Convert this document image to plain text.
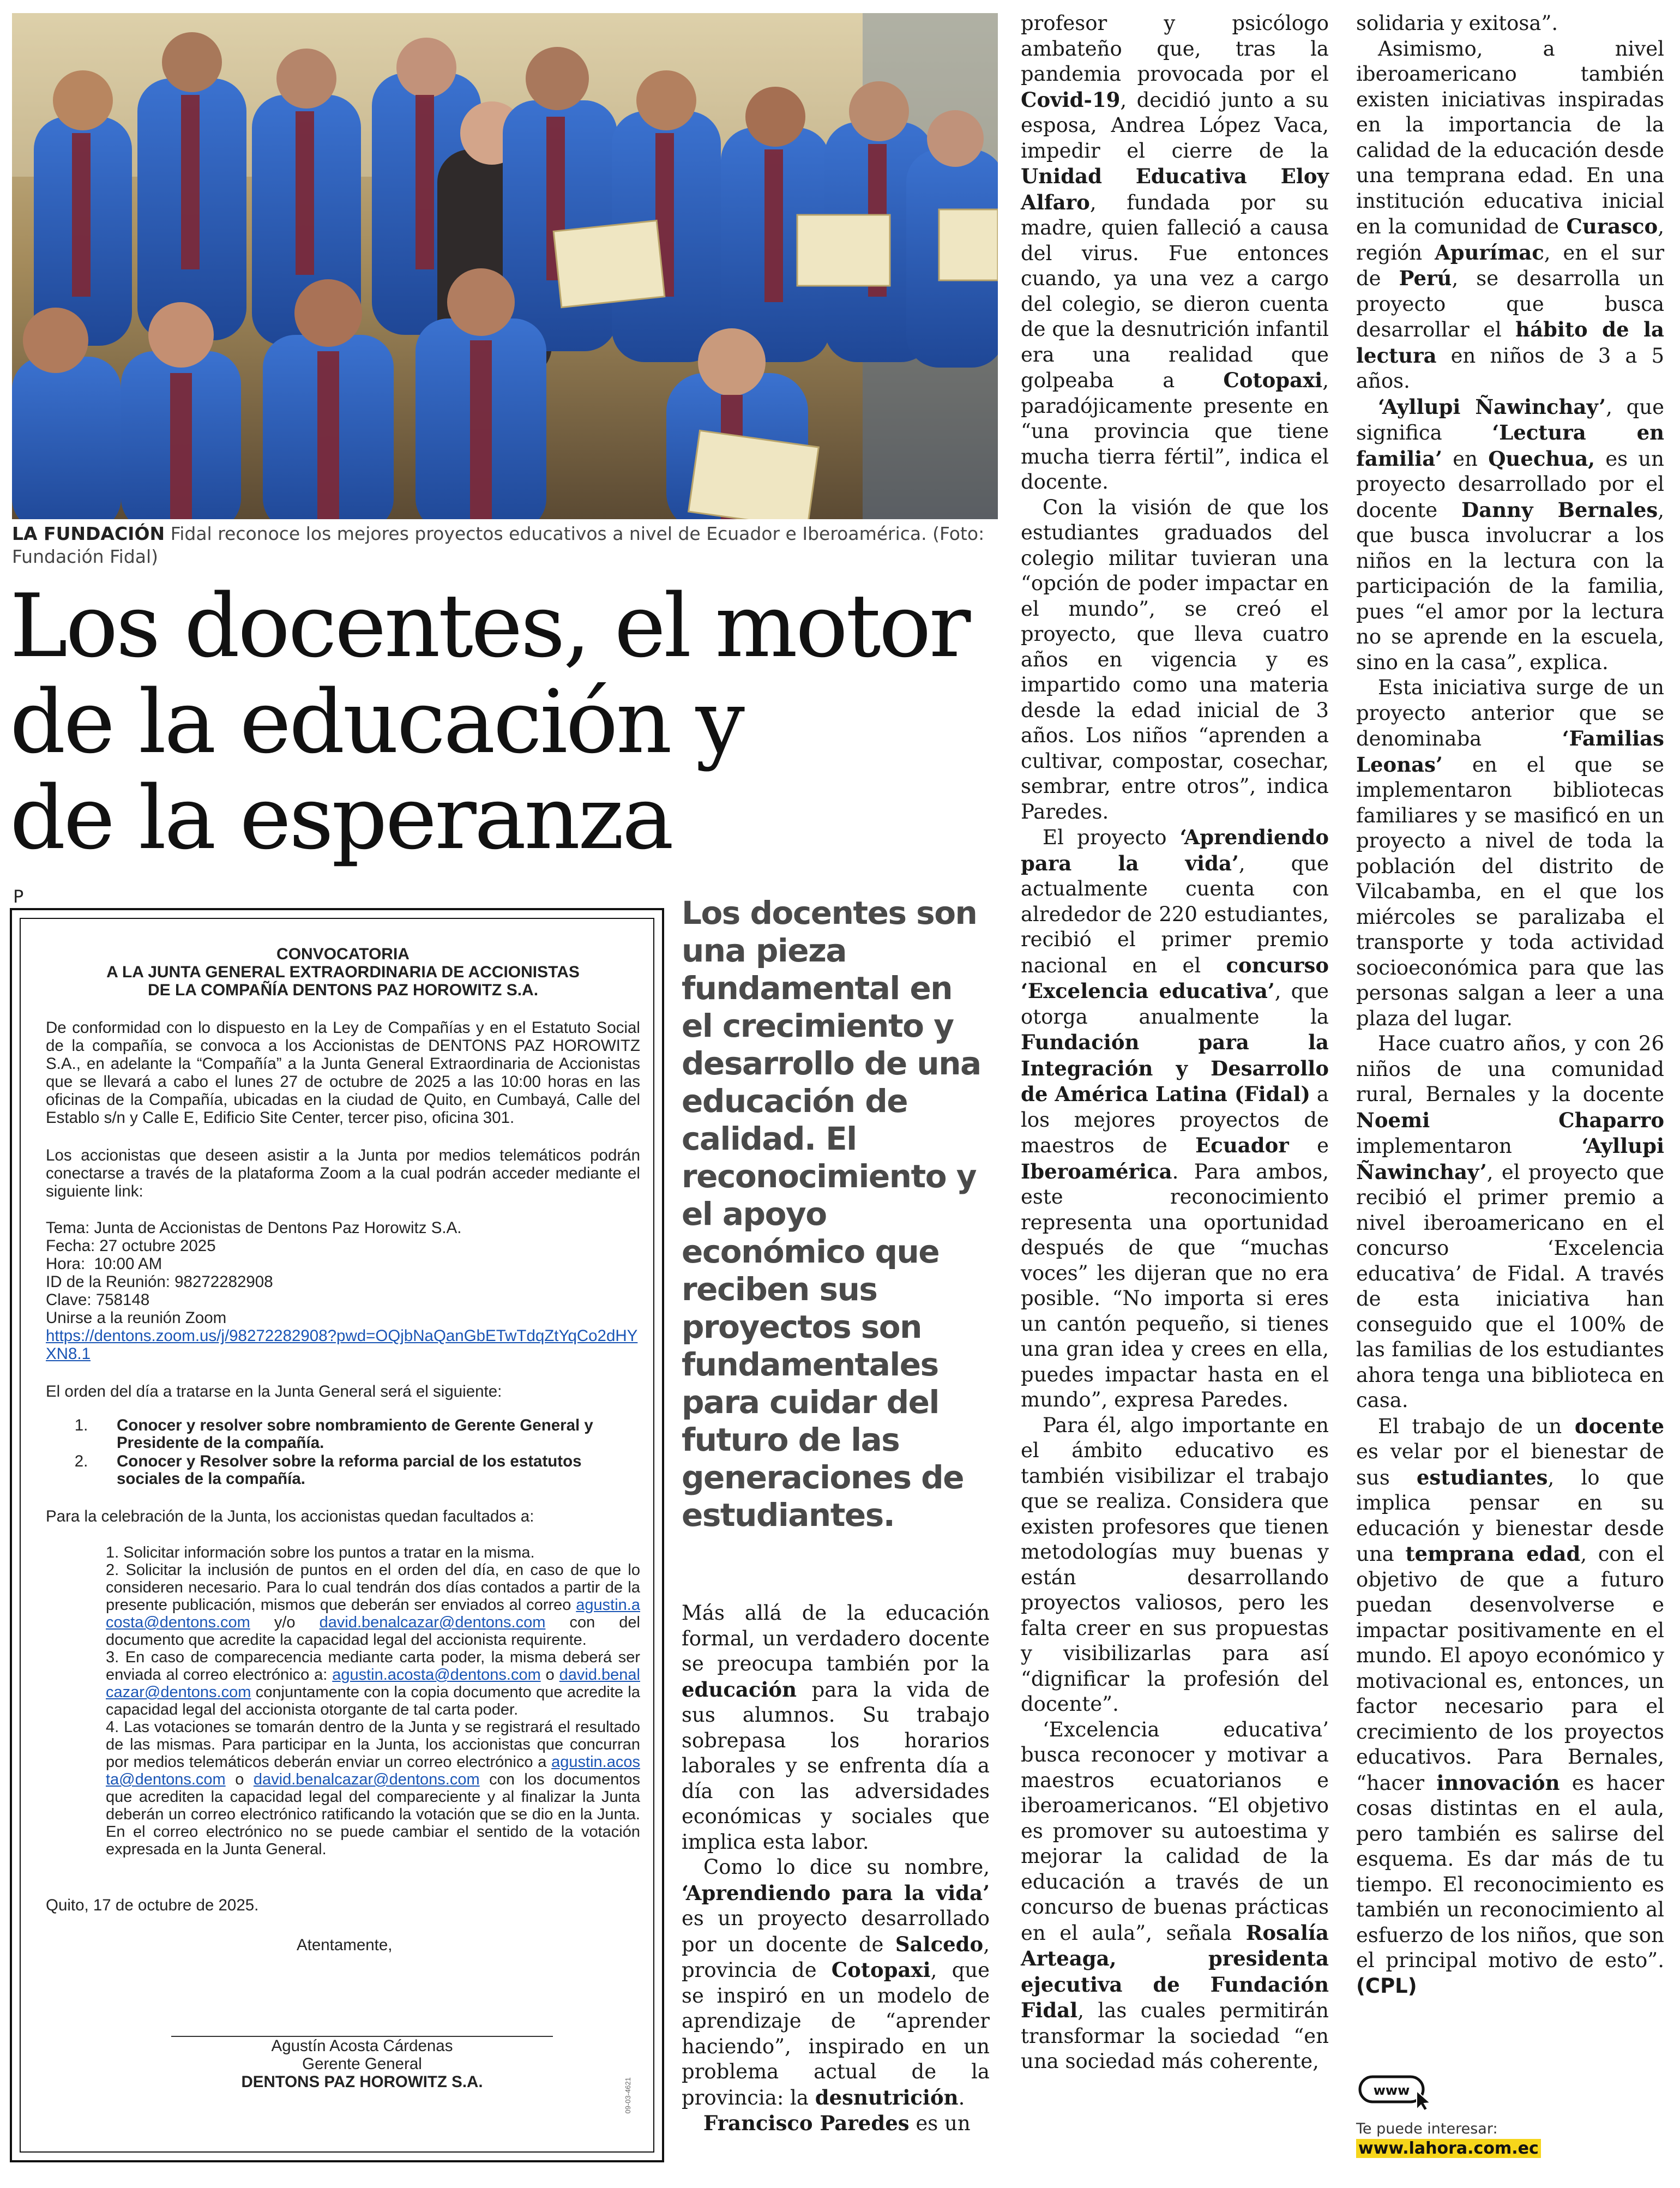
LA FUNDACIÓN Fidal reconoce los mejores proyectos educativos a nivel de Ecuador e Iberoamérica. (Foto: Fundación Fidal)
Los docentes, el motor
de la educación y
de la esperanza
P
CONVOCATORIA
A LA JUNTA GENERAL EXTRAORDINARIA DE ACCIONISTAS
DE LA COMPAÑÍA DENTONS PAZ HOROWITZ S.A.

De conformidad con lo dispuesto en la Ley de Compañías y en el Estatuto Social de la compañía, se convoca a los Accionistas de DENTONS PAZ HOROWITZ S.A., en adelante la “Compañía” a la Junta General Extraordinaria de Accionistas que se llevará a cabo el lunes 27 de octubre de 2025 a las 10:00 horas en las oficinas de la Compañía, ubicadas en la ciudad de Quito, en Cumbayá, Calle del Establo s/n y Calle E, Edificio Site Center, tercer piso, oficina 301.

Los accionistas que deseen asistir a la Junta por medios telemáticos podrán conectarse a través de la plataforma Zoom a la cual podrán acceder mediante el siguiente link:

Tema: Junta de Accionistas de Dentons Paz Horowitz S.A.
Fecha: 27 octubre 2025
Hora:  10:00 AM
ID de la Reunión: 98272282908
Clave: 758148
Unirse a la reunión Zoom
https://dentons.zoom.us/j/98272282908?pwd=OQjbNaQanGbETwTdqZtYqCo2dHYXN8.1

El orden del día a tratarse en la Junta General será el siguiente:

1.	Conocer y resolver sobre nombramiento de Gerente General y Presidente de la compañía.
2.	Conocer y Resolver sobre la reforma parcial de los estatutos sociales de la compañía.

Para la celebración de la Junta, los accionistas quedan facultados a:

1. Solicitar información sobre los puntos a tratar en la misma.
2. Solicitar la inclusión de puntos en el orden del día, en caso de que lo consideren necesario. Para lo cual tendrán dos días contados a partir de la presente publicación, mismos que deberán ser enviados al correo agustin.acosta@dentons.com y/o david.benalcazar@dentons.com con del documento que acredite la capacidad legal del accionista requirente.
3. En caso de comparecencia mediante carta poder, la misma deberá ser enviada al correo electrónico a: agustin.acosta@dentons.com o david.benalcazar@dentons.com conjuntamente con la copia documento que acredite la capacidad legal del accionista otorgante de tal carta poder.
4. Las votaciones se tomarán dentro de la Junta y se registrará el resultado de las mismas. Para participar en la Junta, los accionistas que concurran por medios telemáticos deberán enviar un correo electrónico a agustin.acosta@dentons.com o david.benalcazar@dentons.com con los documentos que acrediten la capacidad legal del compareciente y al finalizar la Junta deberán un correo electrónico ratificando la votación que se dio en la Junta. En el correo electrónico no se puede cambiar el sentido de la votación expresada en la Junta General.

Quito, 17 de octubre de 2025.

Atentamente,

Agustín Acosta Cárdenas
Gerente General
DENTONS PAZ HOROWITZ S.A.	09-03-4621
Los docentes son una pieza fundamental en el crecimiento y desarrollo de una educación de calidad. El reconocimiento y el apoyo económico que reciben sus proyectos son fundamentales para cuidar del futuro de las generaciones de estudiantes.

Más allá de la educación formal, un verdadero docente se preocupa también por la educación para la vida de sus alumnos. Su trabajo sobrepasa los horarios laborales y se enfrenta día a día con las adversidades económicas y sociales que implica esta labor.

Como lo dice su nombre, ‘Aprendiendo para la vida’ es un proyecto desarrollado por un docente de Salcedo, provincia de Cotopaxi, que se inspiró en un modelo de aprendizaje de “aprender haciendo”, inspirado en un problema actual de la provincia: la desnutrición.

Francisco Paredes es un

profesor y psicólogo ambateño que, tras la pandemia provocada por el Covid-19, decidió junto a su esposa, Andrea López Vaca, impedir el cierre de la Unidad Educativa Eloy Alfaro, fundada por su madre, quien falleció a causa del virus. Fue entonces cuando, ya una vez a cargo del colegio, se dieron cuenta de que la desnutrición infantil era una realidad que golpeaba a Cotopaxi, paradójicamente presente en “una provincia que tiene mucha tierra fértil”, indica el docente.

Con la visión de que los estudiantes graduados del colegio militar tuvieran una “opción de poder impactar en el mundo”, se creó el proyecto, que lleva cuatro años en vigencia y es impartido como una materia desde la edad inicial de 3 años. Los niños “aprenden a cultivar, compostar, cosechar, sembrar, entre otros”, indica Paredes.

El proyecto ‘Aprendiendo para la vida’, que actualmente cuenta con alrededor de 220 estudiantes, recibió el primer premio nacional en el concurso ‘Excelencia educativa’, que otorga anualmente la Fundación para la Integración y Desarrollo de América Latina (Fidal) a los mejores proyectos de maestros de Ecuador e Iberoamérica. Para ambos, este reconocimiento representa una oportunidad después de que “muchas voces” les dijeran que no era posible. “No importa si eres un cantón pequeño, si tienes una gran idea y crees en ella, puedes impactar hasta en el mundo”, expresa Paredes.

Para él, algo importante en el ámbito educativo es también visibilizar el trabajo que se realiza. Considera que existen profesores que tienen metodologías muy buenas y están desarrollando proyectos valiosos, pero les falta creer en sus propuestas y visibilizarlas para así “dignificar la profesión del docente”.

‘Excelencia educativa’ busca reconocer y motivar a maestros ecuatorianos e iberoamericanos. “El objetivo es promover su autoestima y mejorar la calidad de la educación a través de un concurso de buenas prácticas en el aula”, señala Rosalía Arteaga, presidenta ejecutiva de Fundación Fidal, las cuales permitirán transformar la sociedad “en una sociedad más coherente,

solidaria y exitosa”.

Asimismo, a nivel iberoamericano también existen iniciativas inspiradas en la importancia de la calidad de la educación desde una temprana edad. En una institución educativa inicial en la comunidad de Curasco, región Apurímac, en el sur de Perú, se desarrolla un proyecto que busca desarrollar el hábito de la lectura en niños de 3 a 5 años.

‘Ayllupi Ñawinchay’, que significa ‘Lectura en familia’ en Quechua, es un proyecto desarrollado por el docente Danny Bernales, que busca involucrar a los niños en la lectura con la participación de la familia, pues “el amor por la lectura no se aprende en la escuela, sino en la casa”, explica.

Esta iniciativa surge de un proyecto anterior que se denominaba ‘Familias Leonas’ en el que se implementaron bibliotecas familiares y se masificó en un proyecto a nivel de toda la población del distrito de Vilcabamba, en el que los miércoles se paralizaba el transporte y toda actividad socioeconómica para que las personas salgan a leer a una plaza del lugar.

Hace cuatro años, y con 26 niños de una comunidad rural, Bernales y la docente Noemi Chaparro implementaron ‘Ayllupi Ñawinchay’, el proyecto que recibió el primer premio a nivel iberoamericano en el concurso ‘Excelencia educativa’ de Fidal. A través de esta iniciativa han conseguido que el 100% de las familias de los estudiantes ahora tenga una biblioteca en casa.

El trabajo de un docente es velar por el bienestar de sus estudiantes, lo que implica pensar en su educación y bienestar desde una temprana edad, con el objetivo de que a futuro puedan desenvolverse e impactar positivamente en el mundo. El apoyo económico y motivacional es, entonces, un factor necesario para el crecimiento de los proyectos educativos. Para Bernales, “hacer innovación es hacer cosas distintas en el aula, pero también es salirse del esquema. Es dar más de tu tiempo. El reconocimiento es también un reconocimiento al esfuerzo de los niños, que son el principal motivo de esto”. (CPL)

www
Te puede interesar:
www.lahora.com.ec
